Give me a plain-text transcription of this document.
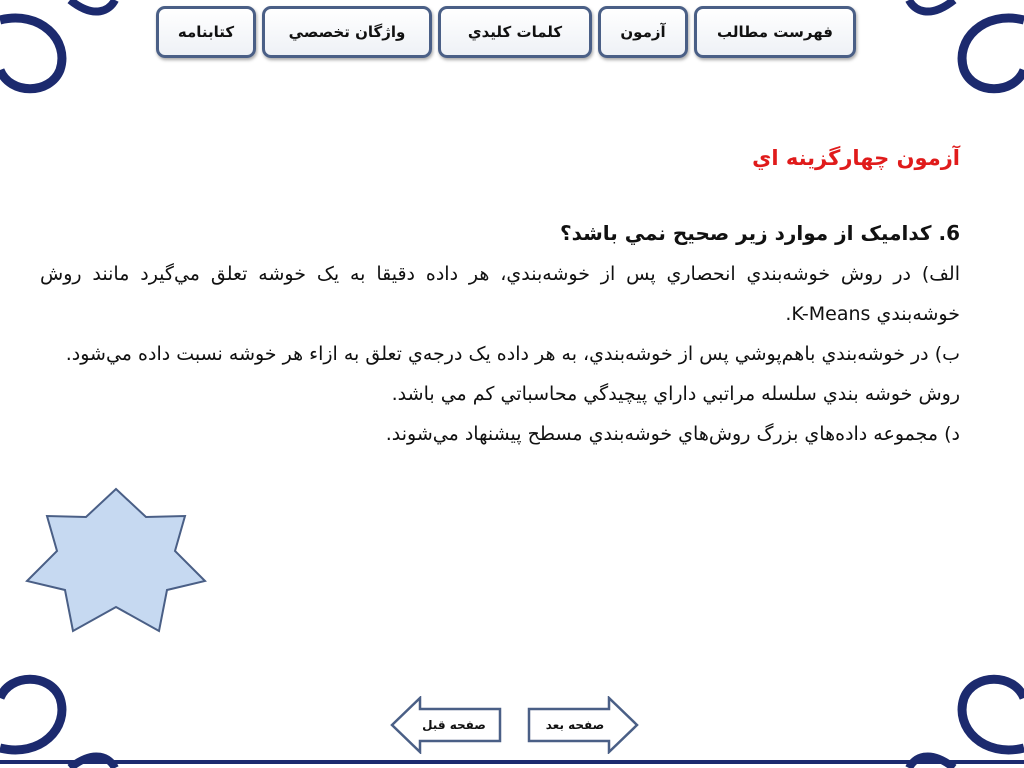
فهرست مطالب
آزمون
كلمات كليدي
واژگان تخصصي
كتابنامه
آزمون چهارگزينه اي
6. كداميک از موارد زير صحيح نمي باشد؟

الف) در روش خوشه‌بندي انحصاري پس از خوشه‌بندي، هر داده دقيقا به يک خوشه تعلق مي‌گيرد مانند روش خوشه‌بندي K-Means.

ب) در خوشه‌بندي باهم‌پوشي پس از خوشه‌بندي، به هر داده يک درجه‌ي تعلق به ازاء هر خوشه نسبت داده مي‌شود.

روش خوشه بندي سلسله مراتبي داراي پيچيدگي محاسباتي کم مي باشد.

د) مجموعه داده‌هاي بزرگ روش‌هاي خوشه‌بندي مسطح پيشنهاد مي‌شوند.

صفحه قبل	صفحه بعد
